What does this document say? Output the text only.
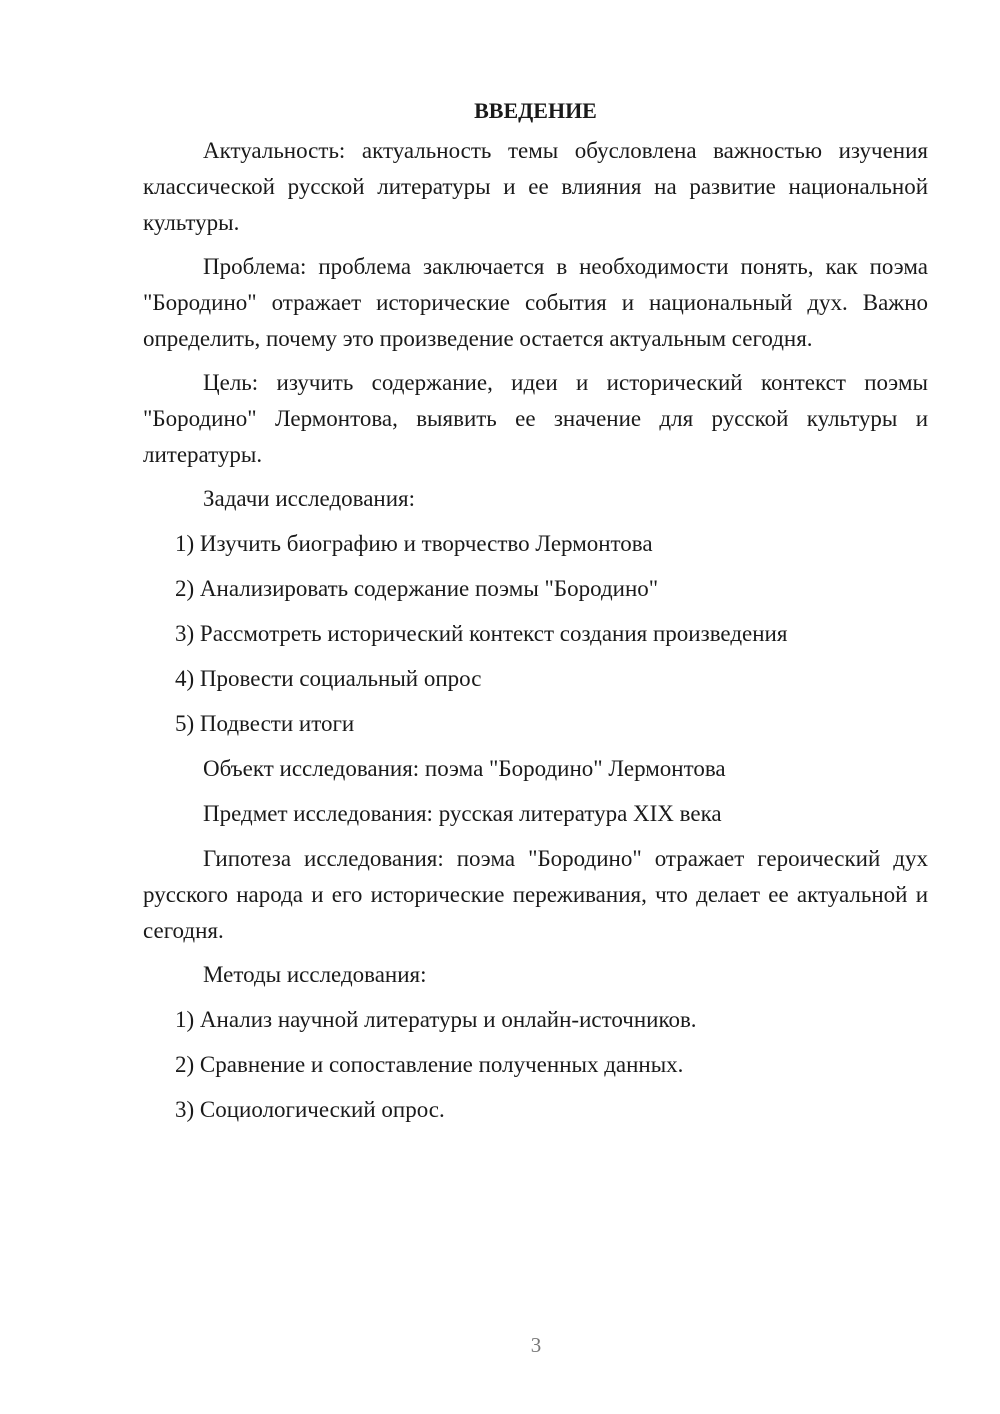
ВВЕДЕНИЕ

Актуальность: актуальность темы обусловлена важностью изучения классической русской литературы и ее влияния на развитие национальной культуры.

Проблема: проблема заключается в необходимости понять, как поэма "Бородино" отражает исторические события и национальный дух. Важно определить, почему это произведение остается актуальным сегодня.

Цель: изучить содержание, идеи и исторический контекст поэмы "Бородино" Лермонтова, выявить ее значение для русской культуры и литературы.

Задачи исследования:
1) Изучить биографию и творчество Лермонтова
2) Анализировать содержание поэмы "Бородино"
3) Рассмотреть исторический контекст создания произведения
4) Провести социальный опрос
5) Подвести итоги
Объект исследования: поэма "Бородино" Лермонтова
Предмет исследования: русская литература XIX века

Гипотеза исследования: поэма "Бородино" отражает героический дух русского народа и его исторические переживания, что делает ее актуальной и сегодня.

Методы исследования:
1) Анализ научной литературы и онлайн-источников.
2) Сравнение и сопоставление полученных данных.
3) Социологический опрос.
3
